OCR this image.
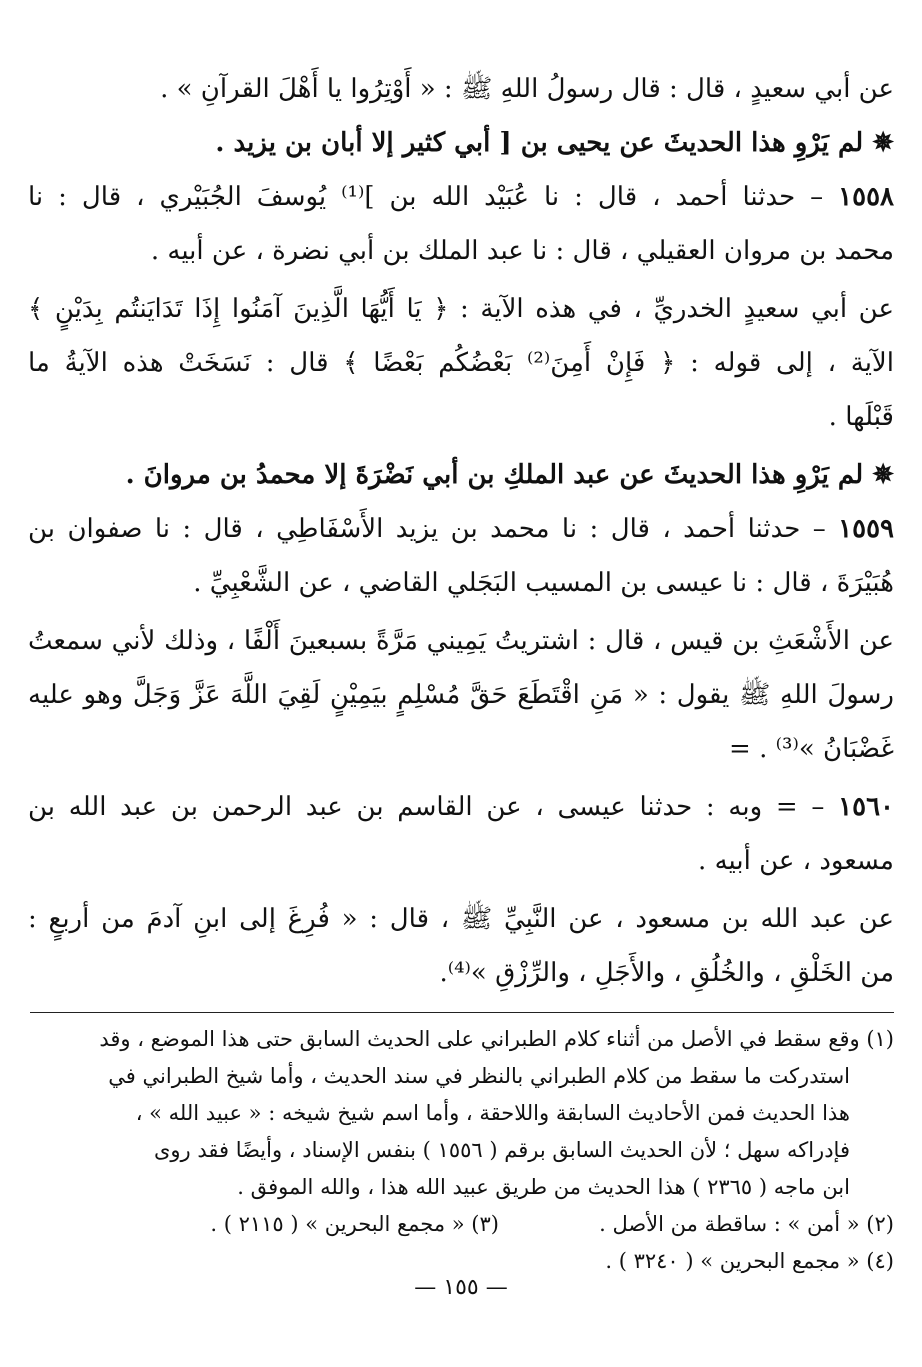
عن أبي سعيدٍ ، قال : قال رسولُ اللهِ ﷺ : « أَوْتِرُوا يا أَهْلَ القرآنِ » .
✵ لم يَرْوِ هذا الحديثَ عن يحيى بن [ أبي كثير إلا أبان بن يزيد .
١٥٥٨ – حدثنا أحمد ، قال : نا عُبَيْد الله بن ]⁽¹⁾ يُوسفَ الجُبَيْري ، قال : نا
محمد بن مروان العقيلي ، قال : نا عبد الملك بن أبي نضرة ، عن أبيه .
عن أبي سعيدٍ الخدريِّ ، في هذه الآية : ﴿ يَا أَيُّهَا الَّذِينَ آمَنُوا إِذَا تَدَايَنتُم بِدَيْنٍ ﴾
الآية ، إلى قوله : ﴿ فَإِنْ أَمِنَ⁽²⁾ بَعْضُكُم بَعْضًا ﴾ قال : نَسَخَتْ هذه الآيةُ ما
قَبْلَها .
✵ لم يَرْوِ هذا الحديثَ عن عبد الملكِ بن أبي نَضْرَةَ إلا محمدُ بن مروانَ .
١٥٥٩ – حدثنا أحمد ، قال : نا محمد بن يزيد الأَسْفَاطِي ، قال : نا صفوان بن
هُبَيْرَةَ ، قال : نا عيسى بن المسيب البَجَلي القاضي ، عن الشَّعْبِيِّ .
عن الأَشْعَثِ بن قيس ، قال : اشتريتُ يَمِيني مَرَّةً بسبعينَ أَلْفًا ، وذلك لأني سمعتُ
رسولَ اللهِ ﷺ يقول : « مَنِ اقْتَطَعَ حَقَّ مُسْلِمٍ بيَمِيْنٍ لَقِيَ اللَّهَ عَزَّ وَجَلَّ وهو عليه
غَضْبَانُ »⁽³⁾ . =
١٥٦٠ – = وبه : حدثنا عيسى ، عن القاسم بن عبد الرحمن بن عبد الله بن
مسعود ، عن أبيه .
عن عبد الله بن مسعود ، عن النَّبِيِّ ﷺ ، قال : « فُرِغَ إلى ابنِ آدمَ من أربعٍ :
من الخَلْقِ ، والخُلُقِ ، والأَجَلِ ، والرِّزْقِ »⁽⁴⁾.
(١) وقع سقط في الأصل من أثناء كلام الطبراني على الحديث السابق حتى هذا الموضع ، وقد
استدركت ما سقط من كلام الطبراني بالنظر في سند الحديث ، وأما شيخ الطبراني في
هذا الحديث فمن الأحاديث السابقة واللاحقة ، وأما اسم شيخ شيخه : « عبيد الله » ،
فإدراكه سهل ؛ لأن الحديث السابق برقم ( ١٥٥٦ ) بنفس الإسناد ، وأيضًا فقد روى
ابن ماجه ( ٢٣٦٥ ) هذا الحديث من طريق عبيد الله هذا ، والله الموفق .
(٢) « أمن » : ساقطة من الأصل .
(٣) « مجمع البحرين » ( ٢١١٥ ) .
(٤) « مجمع البحرين » ( ٣٢٤٠ ) .
— ١٥٥ —
